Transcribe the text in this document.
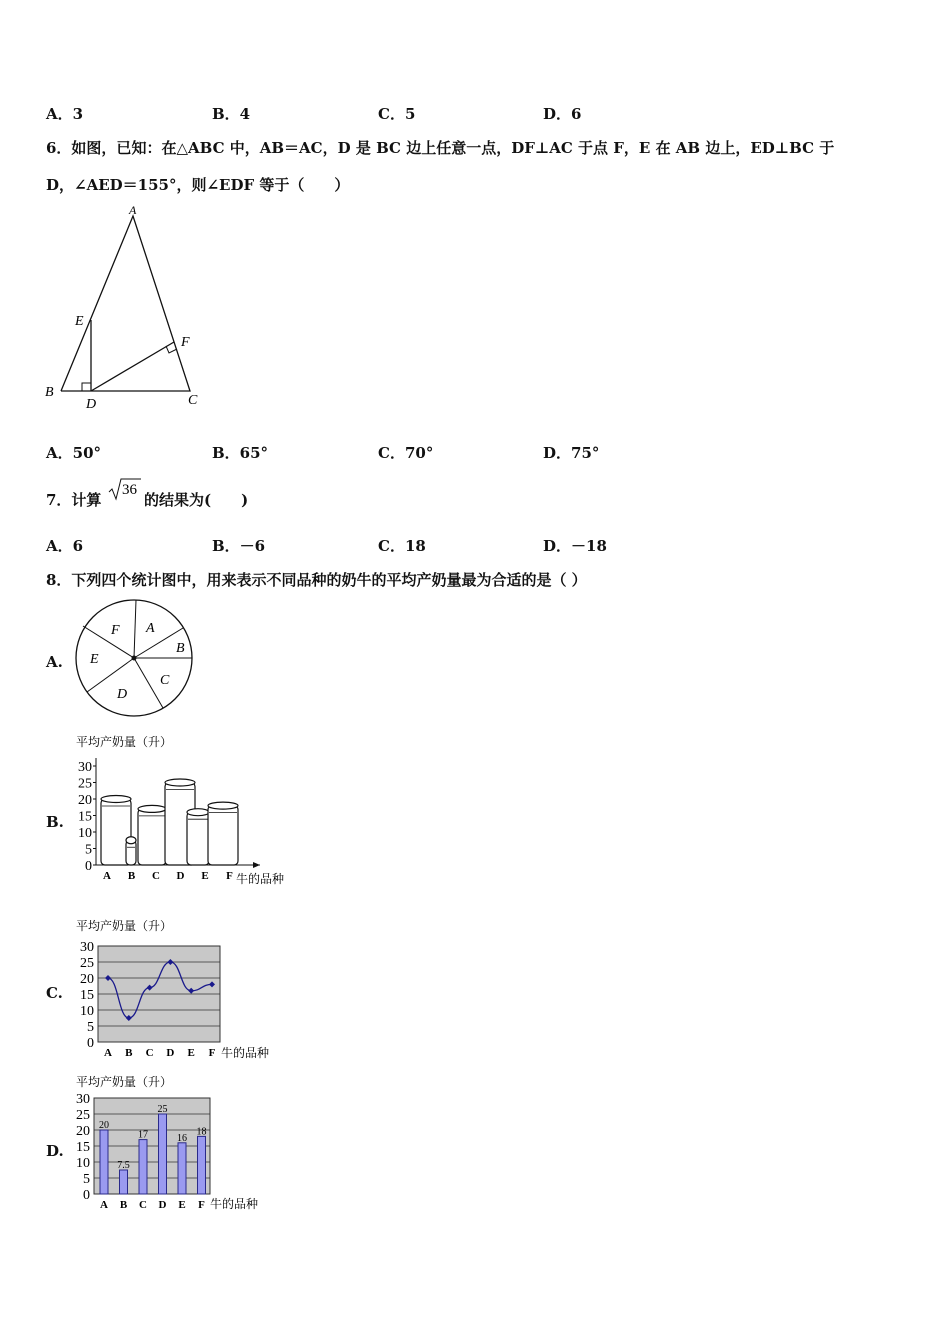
A．3	B．4	C．5	D．6
6．如图，已知：在△ABC 中，AB＝AC，D 是 BC 边上任意一点，DF⊥AC 于点 F，E 在 AB 边上，ED⊥BC 于
D，∠AED＝155°，则∠EDF 等于（　　）
A
B
C
D
E
F
A．50°	B．65°	C．70°	D．75°
7．计算
36
的结果为(　　)
A．6	B．－6	C．18	D．－18
8．下列四个统计图中，用来表示不同品种的奶牛的平均产奶量最为合适的是（ ）
A.
A
B
C
D
E
F
B.
平均产奶量（升）
0
5
10
15
20
25
30
A B C D E F 牛的品种
C.
平均产奶量（升）
0
5
10
15
20
25
30
A B C D E F 牛的品种
D.
平均产奶量（升）
0
5
10
15
20
25
30
A B C D E F
20
7.5
17
25
16
18
牛的品种
